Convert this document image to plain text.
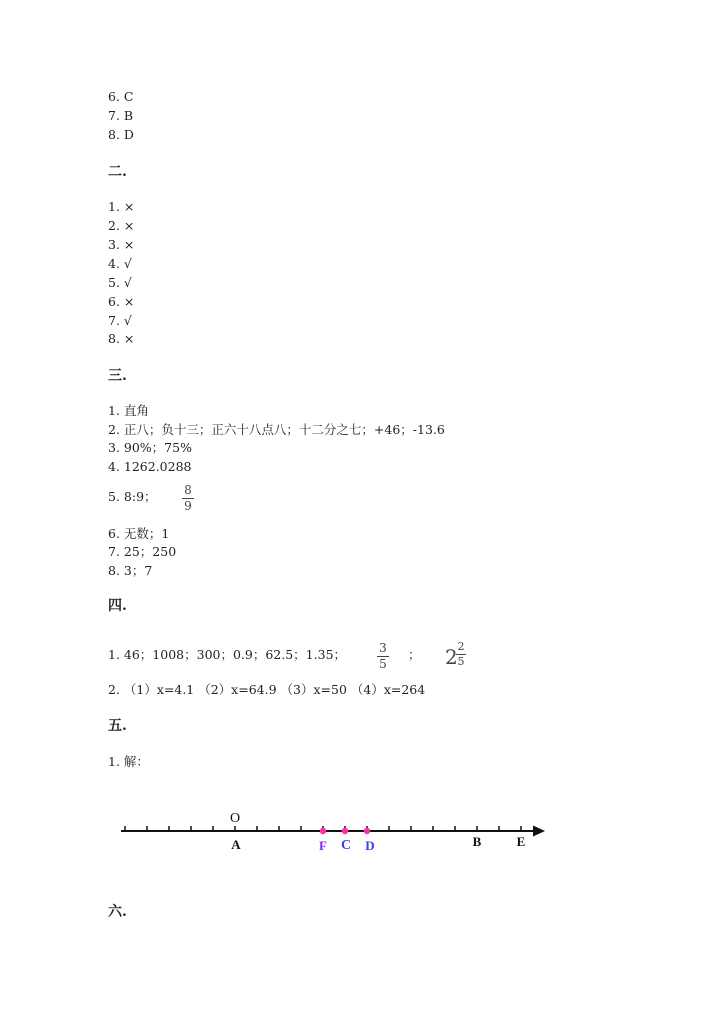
6. C
7. B
8. D
二.
1. ×
2. ×
3. ×
4. √
5. √
6. ×
7. √
8. ×
三.
1. 直角
2. 正八；负十三；正六十八点八；十二分之七；+46；-13.6
3. 90%；75%
4. 1262.0288
5. 8:9； 8
9
6. 无数；1
7. 25；250
8. 3；7
四.
1. 46；1008；300；0.9；62.5；1.35；	3
5
； 2 2
5
2. （1）x=4.1 （2）x=64.9 （3）x=50 （4）x=264
五.
1. 解：
O
A	F C D	B	E
六.
